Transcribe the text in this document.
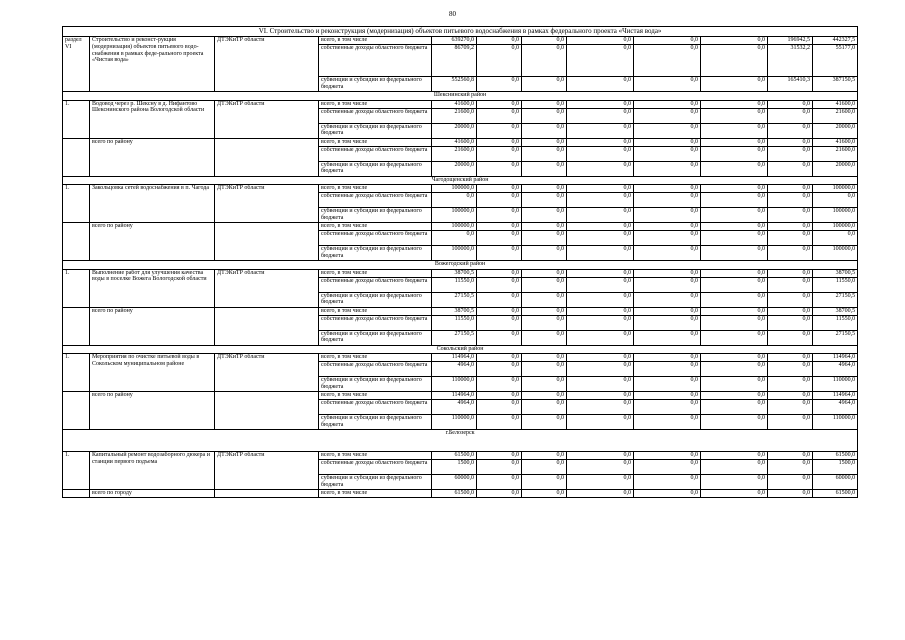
80
VI. Строительство и реконструкция (модернизация) объектов питьевого водоснабжения в рамках федерального проекта «Чистая вода»											
раздел VI	Строительство и реконст-рукция (модернизация) объектов питьевого водо-снабжения в рамках феде-рального проекта «Чистая вода»	ДТЭКиТР области	всего, в том числе	639270,0	0,0	0,0	0,0	0,0	0,0	196942,5	442327,5
			собственные доходы областного бюджета	86709,2	0,0	0,0	0,0	0,0	0,0	31532,2	55177,0
			субвенции и субсидии из федерального бюджета	552560,8	0,0	0,0	0,0	0,0	0,0	165410,3	387150,5
Шекснинский район											
1.	Водовод через р. Шексну в д. Нифантово Шекснинского района Вологодской области	ДТЭКиТР области	всего, в том числе	41600,0	0,0	0,0	0,0	0,0	0,0	0,0	41600,0
			собственные доходы областного бюджета	21600,0	0,0	0,0	0,0	0,0	0,0	0,0	21600,0
			субвенции и субсидии из федерального бюджета	20000,0	0,0	0,0	0,0	0,0	0,0	0,0	20000,0
	всего по району		всего, в том числе	41600,0	0,0	0,0	0,0	0,0	0,0	0,0	41600,0
			собственные доходы областного бюджета	21600,0	0,0	0,0	0,0	0,0	0,0	0,0	21600,0
			субвенции и субсидии из федерального бюджета	20000,0	0,0	0,0	0,0	0,0	0,0	0,0	20000,0
Чагодощенский район											
1.	Закольцовка сетей водоснабжения в п. Чагода	ДТЭКиТР области	всего, в том числе	100000,0	0,0	0,0	0,0	0,0	0,0	0,0	100000,0
			собственные доходы областного бюджета	0,0	0,0	0,0	0,0	0,0	0,0	0,0	0,0
			субвенции и субсидии из федерального бюджета	100000,0	0,0	0,0	0,0	0,0	0,0	0,0	100000,0
	всего по району		всего, в том числе	100000,0	0,0	0,0	0,0	0,0	0,0	0,0	100000,0
			собственные доходы областного бюджета	0,0	0,0	0,0	0,0	0,0	0,0	0,0	0,0
			субвенции и субсидии из федерального бюджета	100000,0	0,0	0,0	0,0	0,0	0,0	0,0	100000,0
Вожегодский район											
1.	Выполнение работ для улучшения качества воды в поселке Вожега Вологодской области	ДТЭКиТР области	всего, в том числе	38700,5	0,0	0,0	0,0	0,0	0,0	0,0	38700,5
			собственные доходы областного бюджета	11550,0	0,0	0,0	0,0	0,0	0,0	0,0	11550,0
			субвенции и субсидии из федерального бюджета	27150,5	0,0	0,0	0,0	0,0	0,0	0,0	27150,5
	всего по району		всего, в том числе	38700,5	0,0	0,0	0,0	0,0	0,0	0,0	38700,5
			собственные доходы областного бюджета	11550,0	0,0	0,0	0,0	0,0	0,0	0,0	11550,0
			субвенции и субсидии из федерального бюджета	27150,5	0,0	0,0	0,0	0,0	0,0	0,0	27150,5
Сокольский район											
1.	Мероприятия по очистке питьевой воды в Сокольском муниципальном районе	ДТЭКиТР области	всего, в том числе	114964,0	0,0	0,0	0,0	0,0	0,0	0,0	114964,0
			собственные доходы областного бюджета	4964,0	0,0	0,0	0,0	0,0	0,0	0,0	4964,0
			субвенции и субсидии из федерального бюджета	110000,0	0,0	0,0	0,0	0,0	0,0	0,0	110000,0
	всего по району		всего, в том числе	114964,0	0,0	0,0	0,0	0,0	0,0	0,0	114964,0
			собственные доходы областного бюджета	4964,0	0,0	0,0	0,0	0,0	0,0	0,0	4964,0
			субвенции и субсидии из федерального бюджета	110000,0	0,0	0,0	0,0	0,0	0,0	0,0	110000,0
г.Белозерск											
1.	Капитальный ремонт водозаборного дюкера и станции первого подъема	ДТЭКиТР области	всего, в том числе	61500,0	0,0	0,0	0,0	0,0	0,0	0,0	61500,0
			собственные доходы областного бюджета	1500,0	0,0	0,0	0,0	0,0	0,0	0,0	1500,0
			субвенции и субсидии из федерального бюджета	60000,0	0,0	0,0	0,0	0,0	0,0	0,0	60000,0
	всего по городу		всего, в том числе	61500,0	0,0	0,0	0,0	0,0	0,0	0,0	61500,0
